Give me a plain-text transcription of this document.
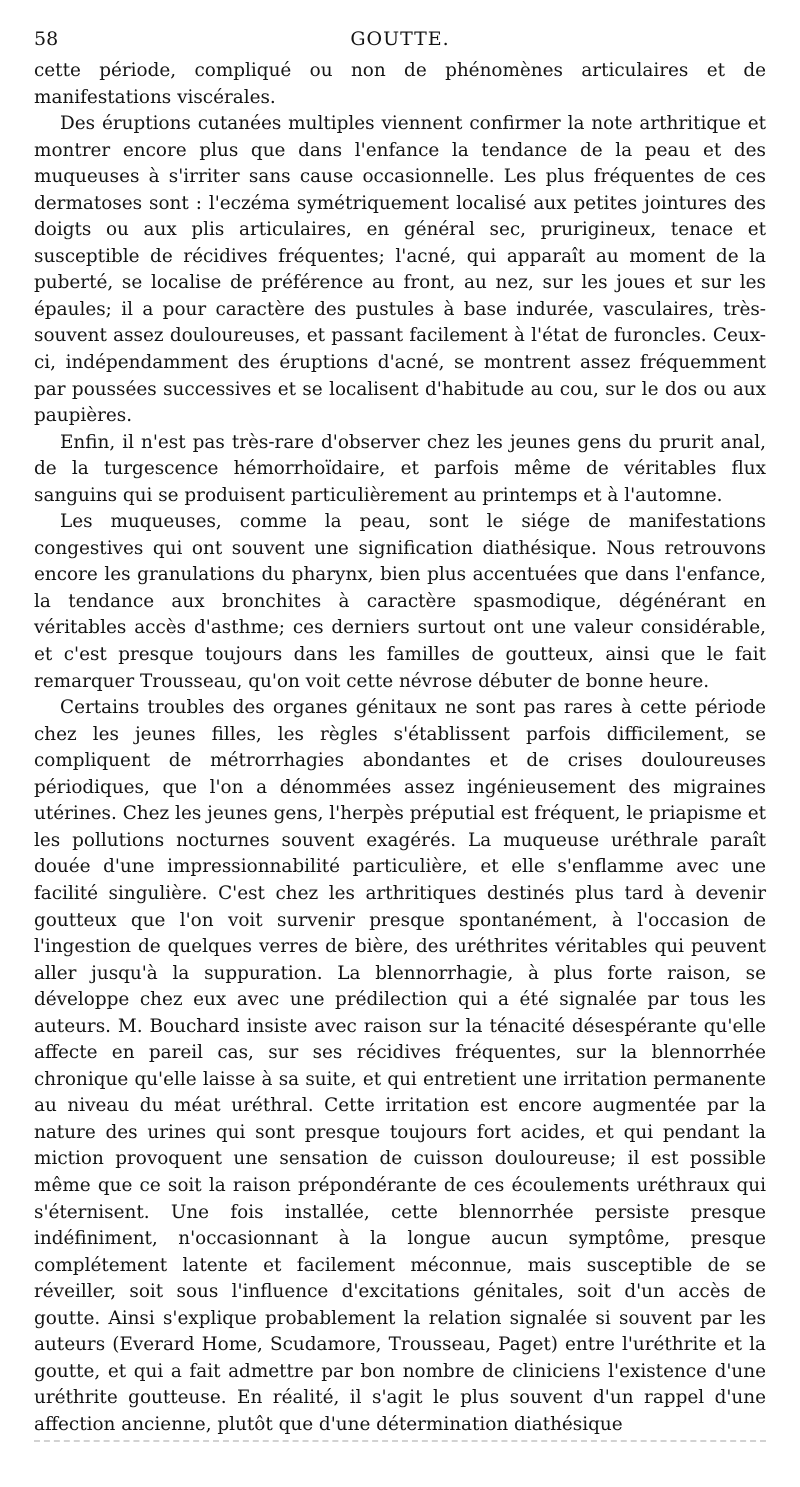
58	GOUTTE.

cette période, compliqué ou non de phénomènes articulaires et de manifestations viscérales.

Des éruptions cutanées multiples viennent confirmer la note arthritique et montrer encore plus que dans l'enfance la tendance de la peau et des muqueuses à s'irriter sans cause occasionnelle. Les plus fréquentes de ces dermatoses sont : l'eczéma symétriquement localisé aux petites jointures des doigts ou aux plis articulaires, en général sec, prurigineux, tenace et susceptible de récidives fréquentes; l'acné, qui apparaît au moment de la puberté, se localise de préférence au front, au nez, sur les joues et sur les épaules; il a pour caractère des pustules à base indurée, vasculaires, très-souvent assez douloureuses, et passant facilement à l'état de furoncles. Ceux-ci, indépendamment des éruptions d'acné, se montrent assez fréquemment par poussées successives et se localisent d'habitude au cou, sur le dos ou aux paupières.

Enfin, il n'est pas très-rare d'observer chez les jeunes gens du prurit anal, de la turgescence hémorrhoïdaire, et parfois même de véritables flux sanguins qui se produisent particulièrement au printemps et à l'automne.

Les muqueuses, comme la peau, sont le siége de manifestations congestives qui ont souvent une signification diathésique. Nous retrouvons encore les granulations du pharynx, bien plus accentuées que dans l'enfance, la tendance aux bronchites à caractère spasmodique, dégénérant en véritables accès d'asthme; ces derniers surtout ont une valeur considérable, et c'est presque toujours dans les familles de goutteux, ainsi que le fait remarquer Trousseau, qu'on voit cette névrose débuter de bonne heure.

Certains troubles des organes génitaux ne sont pas rares à cette période chez les jeunes filles, les règles s'établissent parfois difficilement, se compliquent de métrorrhagies abondantes et de crises douloureuses périodiques, que l'on a dénommées assez ingénieusement des migraines utérines. Chez les jeunes gens, l'herpès préputial est fréquent, le priapisme et les pollutions nocturnes souvent exagérés. La muqueuse uréthrale paraît douée d'une impressionnabilité particulière, et elle s'enflamme avec une facilité singulière. C'est chez les arthritiques destinés plus tard à devenir goutteux que l'on voit survenir presque spontanément, à l'occasion de l'ingestion de quelques verres de bière, des uréthrites véritables qui peuvent aller jusqu'à la suppuration. La blennorrhagie, à plus forte raison, se développe chez eux avec une prédilection qui a été signalée par tous les auteurs. M. Bouchard insiste avec raison sur la ténacité désespérante qu'elle affecte en pareil cas, sur ses récidives fréquentes, sur la blennorrhée chronique qu'elle laisse à sa suite, et qui entretient une irritation permanente au niveau du méat uréthral. Cette irritation est encore augmentée par la nature des urines qui sont presque toujours fort acides, et qui pendant la miction provoquent une sensation de cuisson douloureuse; il est possible même que ce soit la raison prépondérante de ces écoulements uréthraux qui s'éternisent. Une fois installée, cette blennorrhée persiste presque indéfiniment, n'occasionnant à la longue aucun symptôme, presque complétement latente et facilement méconnue, mais susceptible de se réveiller, soit sous l'influence d'excitations génitales, soit d'un accès de goutte. Ainsi s'explique probablement la relation signalée si souvent par les auteurs (Everard Home, Scudamore, Trousseau, Paget) entre l'uréthrite et la goutte, et qui a fait admettre par bon nombre de cliniciens l'existence d'une uréthrite goutteuse. En réalité, il s'agit le plus souvent d'un rappel d'une affection ancienne, plutôt que d'une détermination diathésique
